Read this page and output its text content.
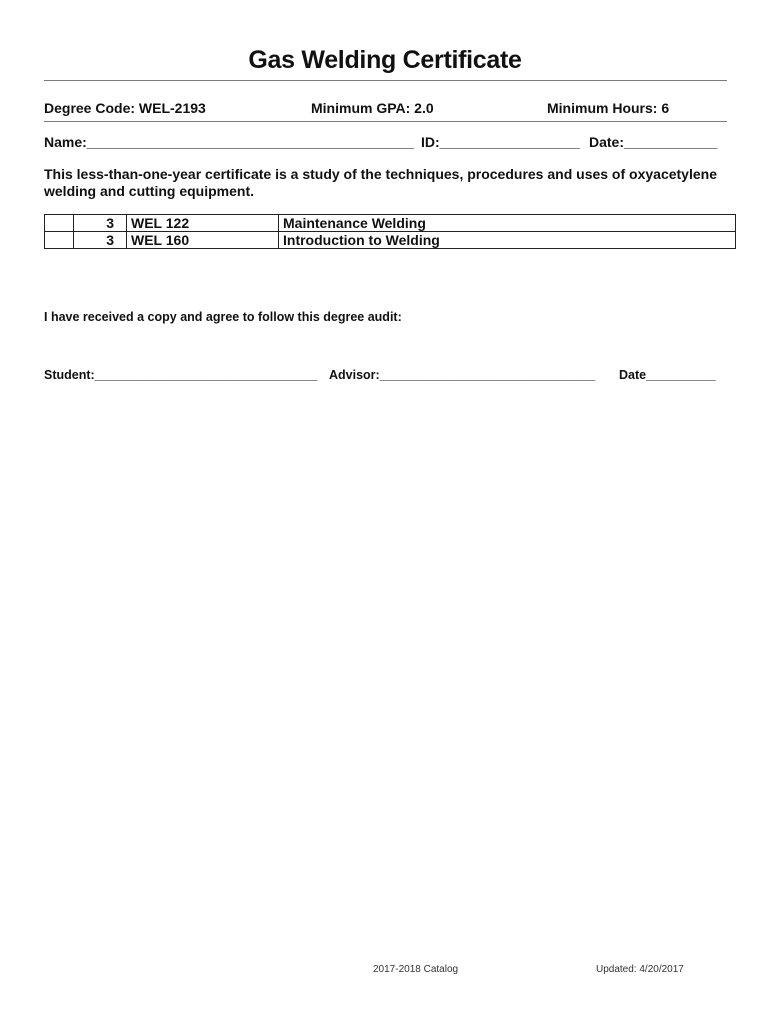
Gas Welding Certificate
Degree Code: WEL-2193	Minimum GPA: 2.0	Minimum Hours: 6
Name:__________________________________________ ID:__________________ Date:____________
This less-than-one-year certificate is a study of the techniques, procedures and uses of oxyacetylene welding and cutting equipment.
	3	WEL 122	Maintenance Welding
	3	WEL 160	Introduction to Welding
I have received a copy and agree to follow this degree audit:
Student:________________________________ Advisor:_______________________________ Date__________
2017-2018 Catalog	Updated: 4/20/2017
